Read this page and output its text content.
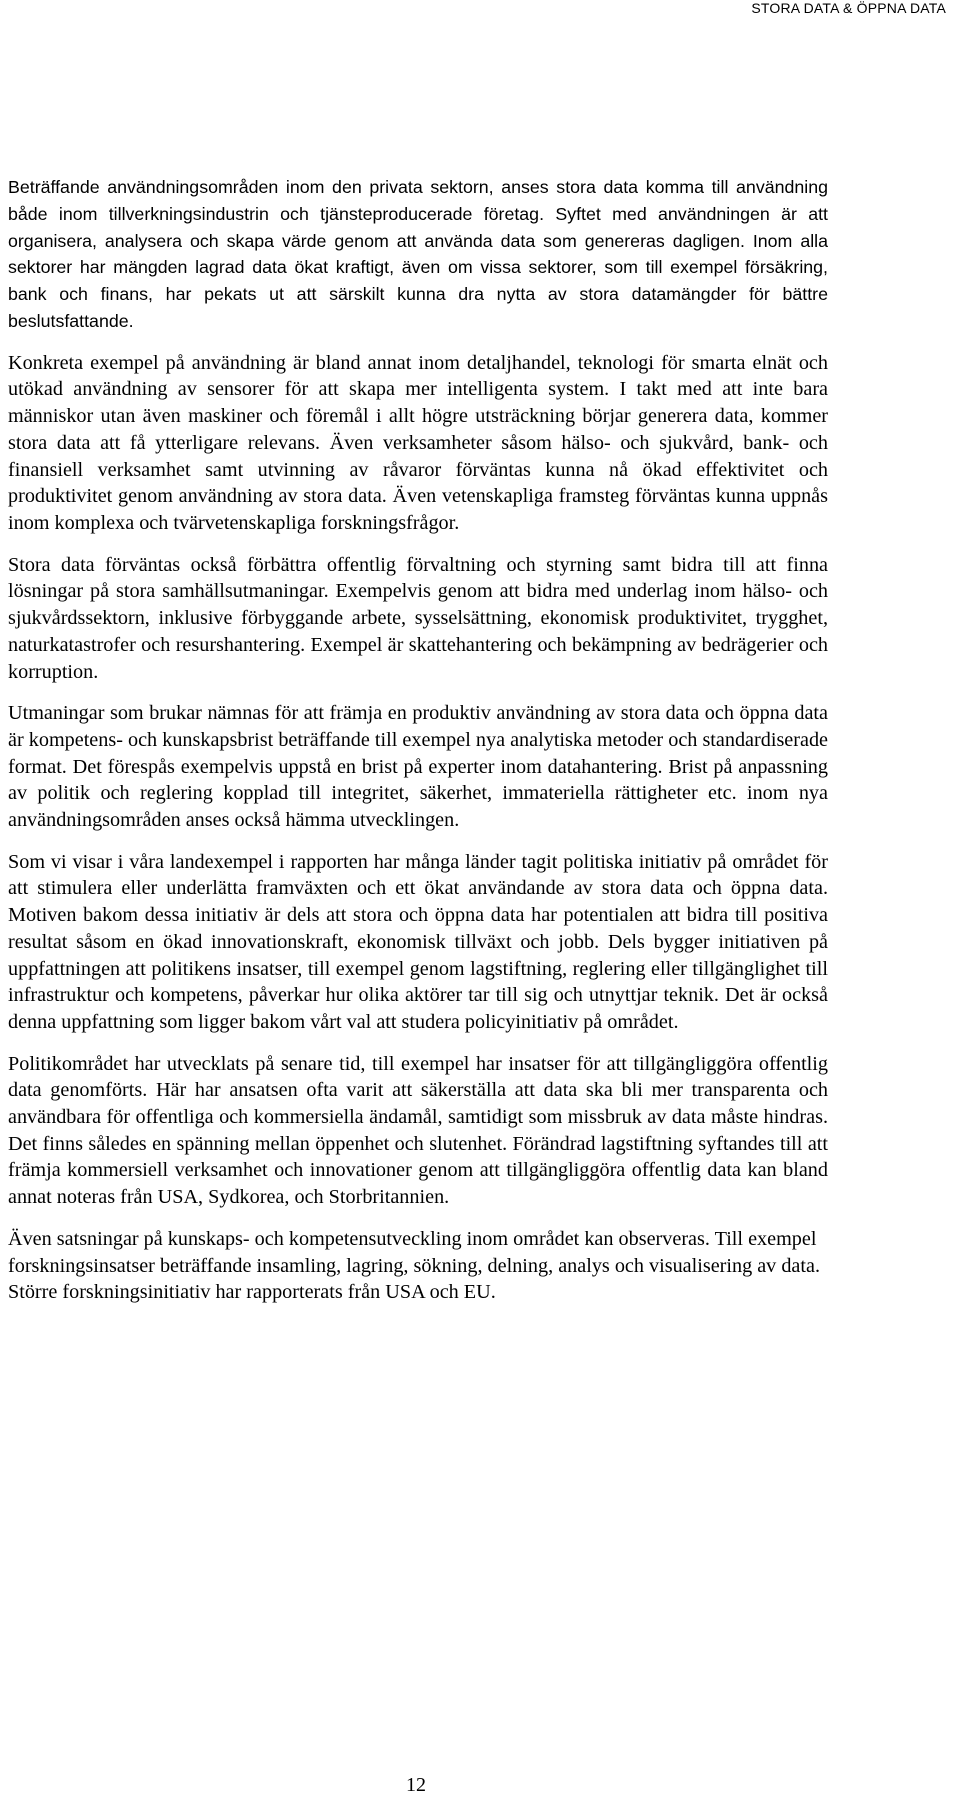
STORA DATA & ÖPPNA DATA

Beträffande användningsområden inom den privata sektorn, anses stora data komma till användning både inom tillverkningsindustrin och tjänsteproducerade företag. Syftet med användningen är att organisera, analysera och skapa värde genom att använda data som genereras dagligen. Inom alla sektorer har mängden lagrad data ökat kraftigt, även om vissa sektorer, som till exempel försäkring, bank och finans, har pekats ut att särskilt kunna dra nytta av stora datamängder för bättre beslutsfattande.

Konkreta exempel på användning är bland annat inom detaljhandel, teknologi för smarta elnät och utökad användning av sensorer för att skapa mer intelligenta system. I takt med att inte bara människor utan även maskiner och föremål i allt högre utsträckning börjar generera data, kommer stora data att få ytterligare relevans. Även verksamheter såsom hälso- och sjukvård, bank- och finansiell verksamhet samt utvinning av råvaror förväntas kunna nå ökad effektivitet och produktivitet genom användning av stora data. Även vetenskapliga framsteg förväntas kunna uppnås inom komplexa och tvärvetenskapliga forskningsfrågor.

Stora data förväntas också förbättra offentlig förvaltning och styrning samt bidra till att finna lösningar på stora samhällsutmaningar. Exempelvis genom att bidra med underlag inom hälso- och sjukvårdssektorn, inklusive förbyggande arbete, sysselsättning, ekonomisk produktivitet, trygghet, naturkatastrofer och resurshantering. Exempel är skattehantering och bekämpning av bedrägerier och korruption.

Utmaningar som brukar nämnas för att främja en produktiv användning av stora data och öppna data är kompetens- och kunskapsbrist beträffande till exempel nya analytiska metoder och standardiserade format. Det förespås exempelvis uppstå en brist på experter inom datahantering. Brist på anpassning av politik och reglering kopplad till integritet, säkerhet, immateriella rättigheter etc. inom nya användningsområden anses också hämma utvecklingen.

Som vi visar i våra landexempel i rapporten har många länder tagit politiska initiativ på området för att stimulera eller underlätta framväxten och ett ökat användande av stora data och öppna data. Motiven bakom dessa initiativ är dels att stora och öppna data har potentialen att bidra till positiva resultat såsom en ökad innovationskraft, ekonomisk tillväxt och jobb. Dels bygger initiativen på uppfattningen att politikens insatser, till exempel genom lagstiftning, reglering eller tillgänglighet till infrastruktur och kompetens, påverkar hur olika aktörer tar till sig och utnyttjar teknik. Det är också denna uppfattning som ligger bakom vårt val att studera policyinitiativ på området.

Politikområdet har utvecklats på senare tid, till exempel har insatser för att tillgängliggöra offentlig data genomförts. Här har ansatsen ofta varit att säkerställa att data ska bli mer transparenta och användbara för offentliga och kommersiella ändamål, samtidigt som missbruk av data måste hindras. Det finns således en spänning mellan öppenhet och slutenhet. Förändrad lagstiftning syftandes till att främja kommersiell verksamhet och innovationer genom att tillgängliggöra offentlig data kan bland annat noteras från USA, Sydkorea, och Storbritannien.

Även satsningar på kunskaps- och kompetensutveckling inom området kan observeras. Till exempel forskningsinsatser beträffande insamling, lagring, sökning, delning, analys och visualisering av data. Större forskningsinitiativ har rapporterats från USA och EU.

12
